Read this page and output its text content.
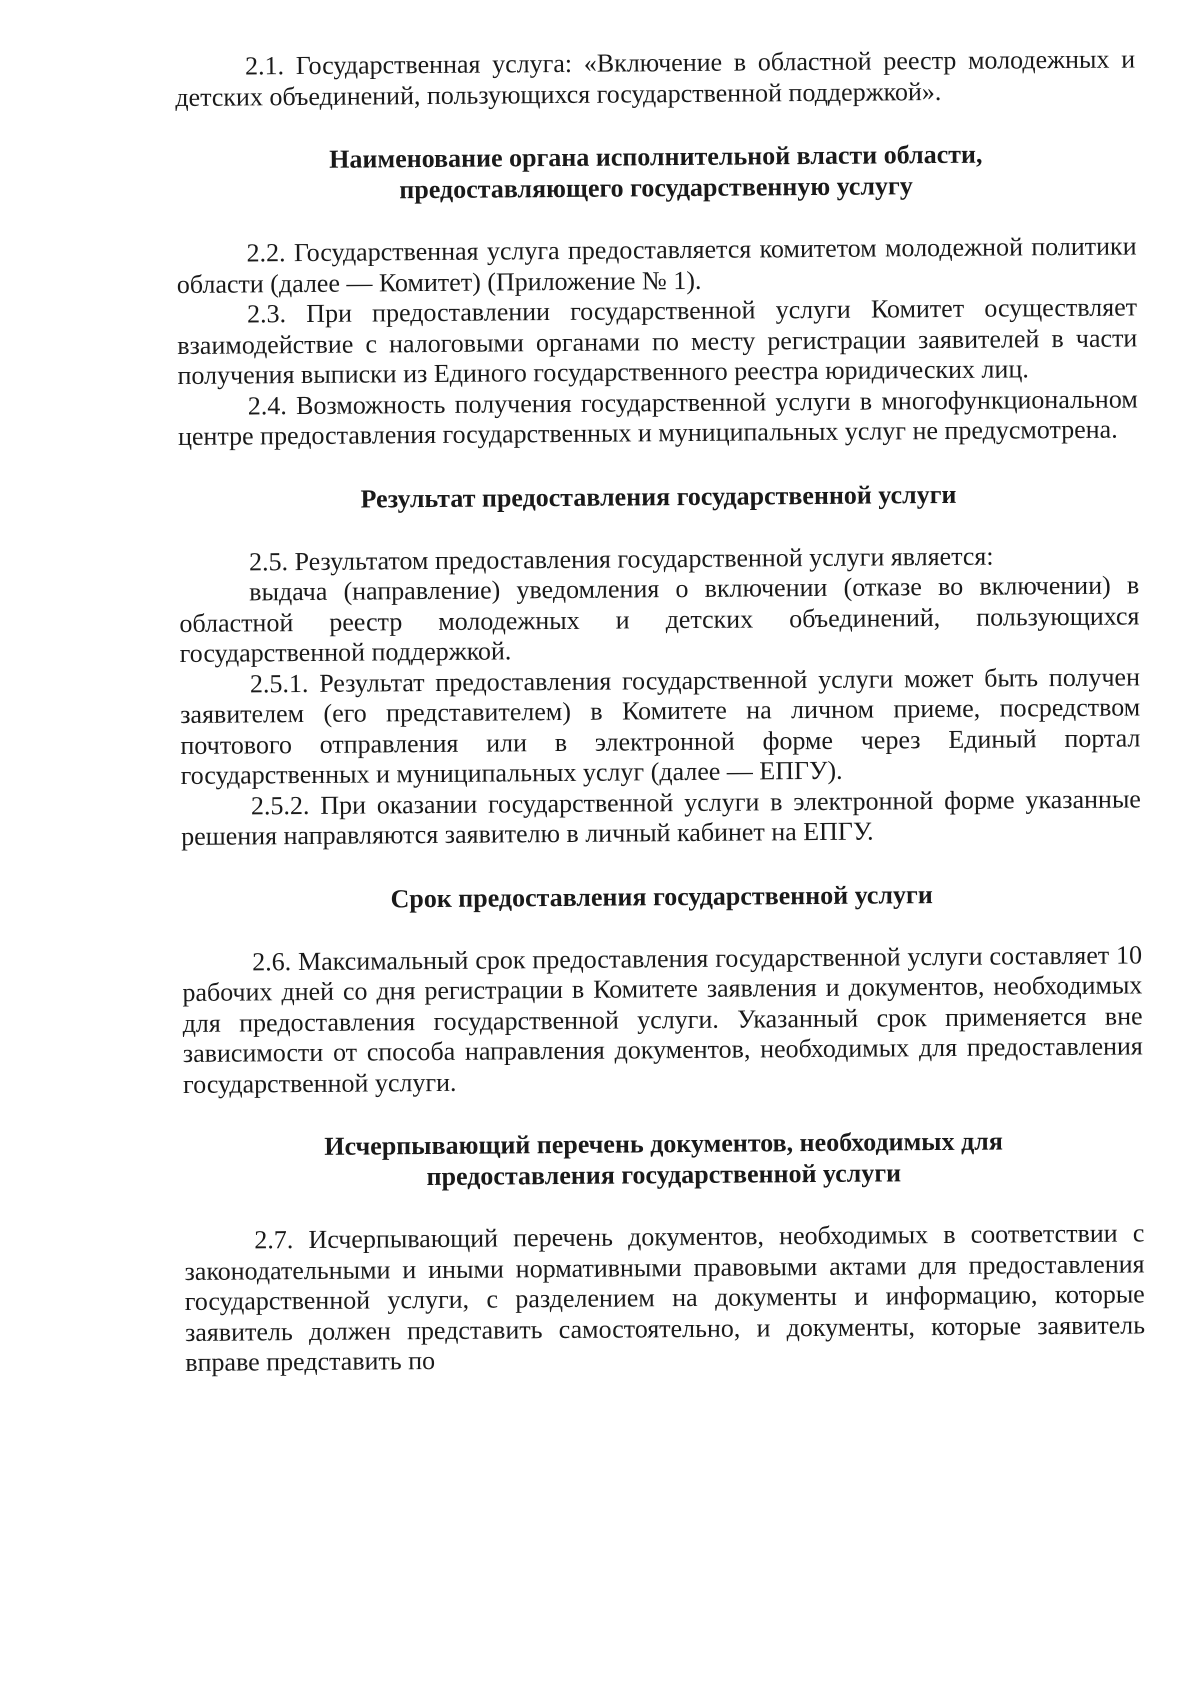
2.1. Государственная услуга: «Включение в областной реестр молодежных и детских объединений, пользующихся государственной поддержкой».

Наименование органа исполнительной власти области,
предоставляющего государственную услугу

2.2. Государственная услуга предоставляется комитетом молодежной политики области (далее — Комитет) (Приложение № 1).

2.3. При предоставлении государственной услуги Комитет осуществляет взаимодействие с налоговыми органами по месту регистрации заявителей в части получения выписки из Единого государственного реестра юридических лиц.

2.4. Возможность получения государственной услуги в многофункциональном центре предоставления государственных и муниципальных услуг не предусмотрена.

Результат предоставления государственной услуги

2.5. Результатом предоставления государственной услуги является:

выдача (направление) уведомления о включении (отказе во включении) в областной реестр молодежных и детских объединений, пользующихся государственной поддержкой.

2.5.1. Результат предоставления государственной услуги может быть получен заявителем (его представителем) в Комитете на личном приеме, посредством почтового отправления или в электронной форме через Единый портал государственных и муниципальных услуг (далее — ЕПГУ).

2.5.2. При оказании государственной услуги в электронной форме указанные решения направляются заявителю в личный кабинет на ЕПГУ.

Срок предоставления государственной услуги

2.6. Максимальный срок предоставления государственной услуги составляет 10 рабочих дней со дня регистрации в Комитете заявления и документов, необходимых для предоставления государственной услуги. Указанный срок применяется вне зависимости от способа направления документов, необходимых для предоставления государственной услуги.

Исчерпывающий перечень документов, необходимых для
предоставления государственной услуги

2.7. Исчерпывающий перечень документов, необходимых в соответствии с законодательными и иными нормативными правовыми актами для предоставления государственной услуги, с разделением на документы и информацию, которые заявитель должен представить самостоятельно, и документы, которые заявитель вправе представить по
